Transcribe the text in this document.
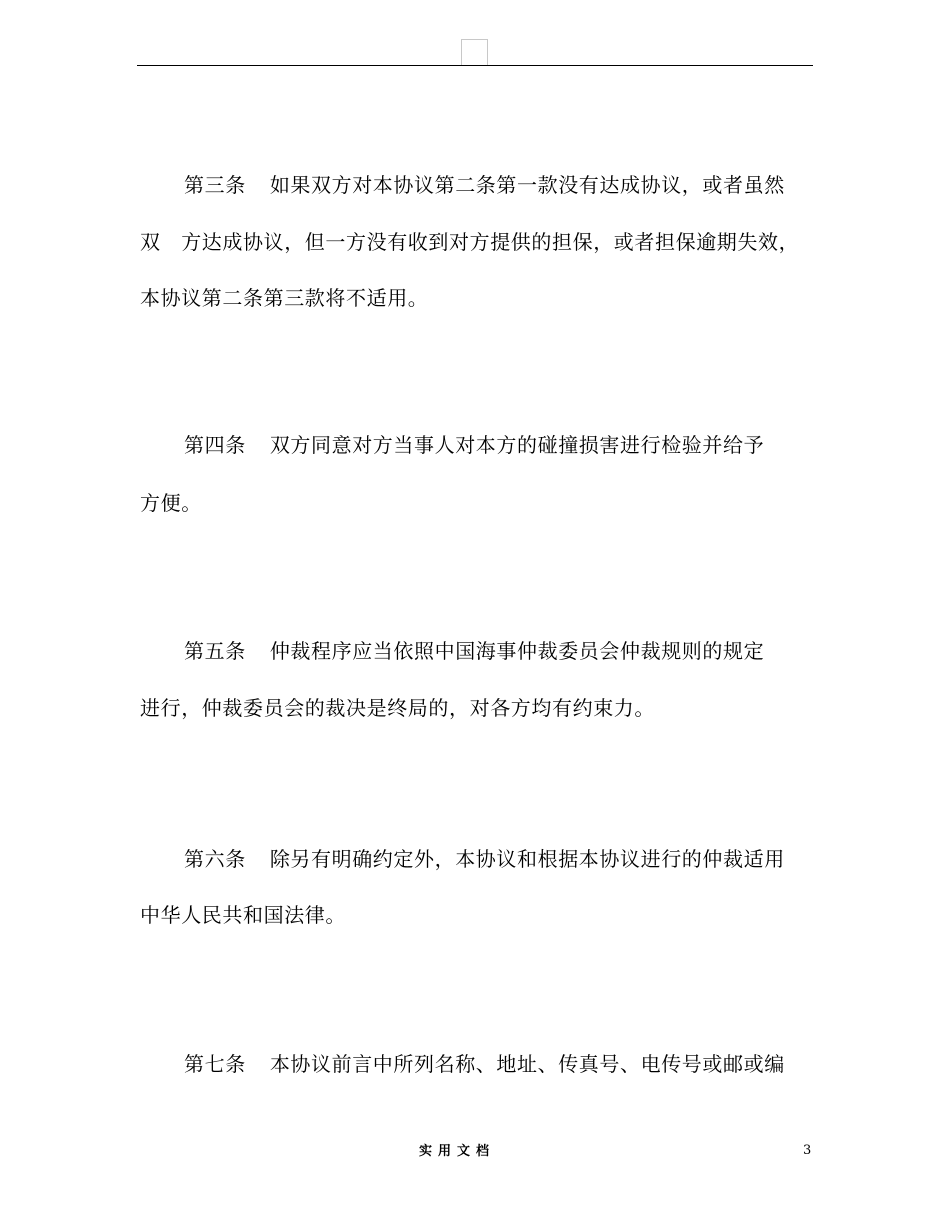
第三条 如果双方对本协议第二条第一款没有达成协议，或者虽然
双　方达成协议，但一方没有收到对方提供的担保，或者担保逾期失效，
本协议第二条第三款将不适用。
第四条 双方同意对方当事人对本方的碰撞损害进行检验并给予
方便。
第五条 仲裁程序应当依照中国海事仲裁委员会仲裁规则的规定
进行，仲裁委员会的裁决是终局的，对各方均有约束力。
第六条 除另有明确约定外，本协议和根据本协议进行的仲裁适用
中华人民共和国法律。
第七条 本协议前言中所列名称、地址、传真号、电传号或邮或编
实用文档	3
